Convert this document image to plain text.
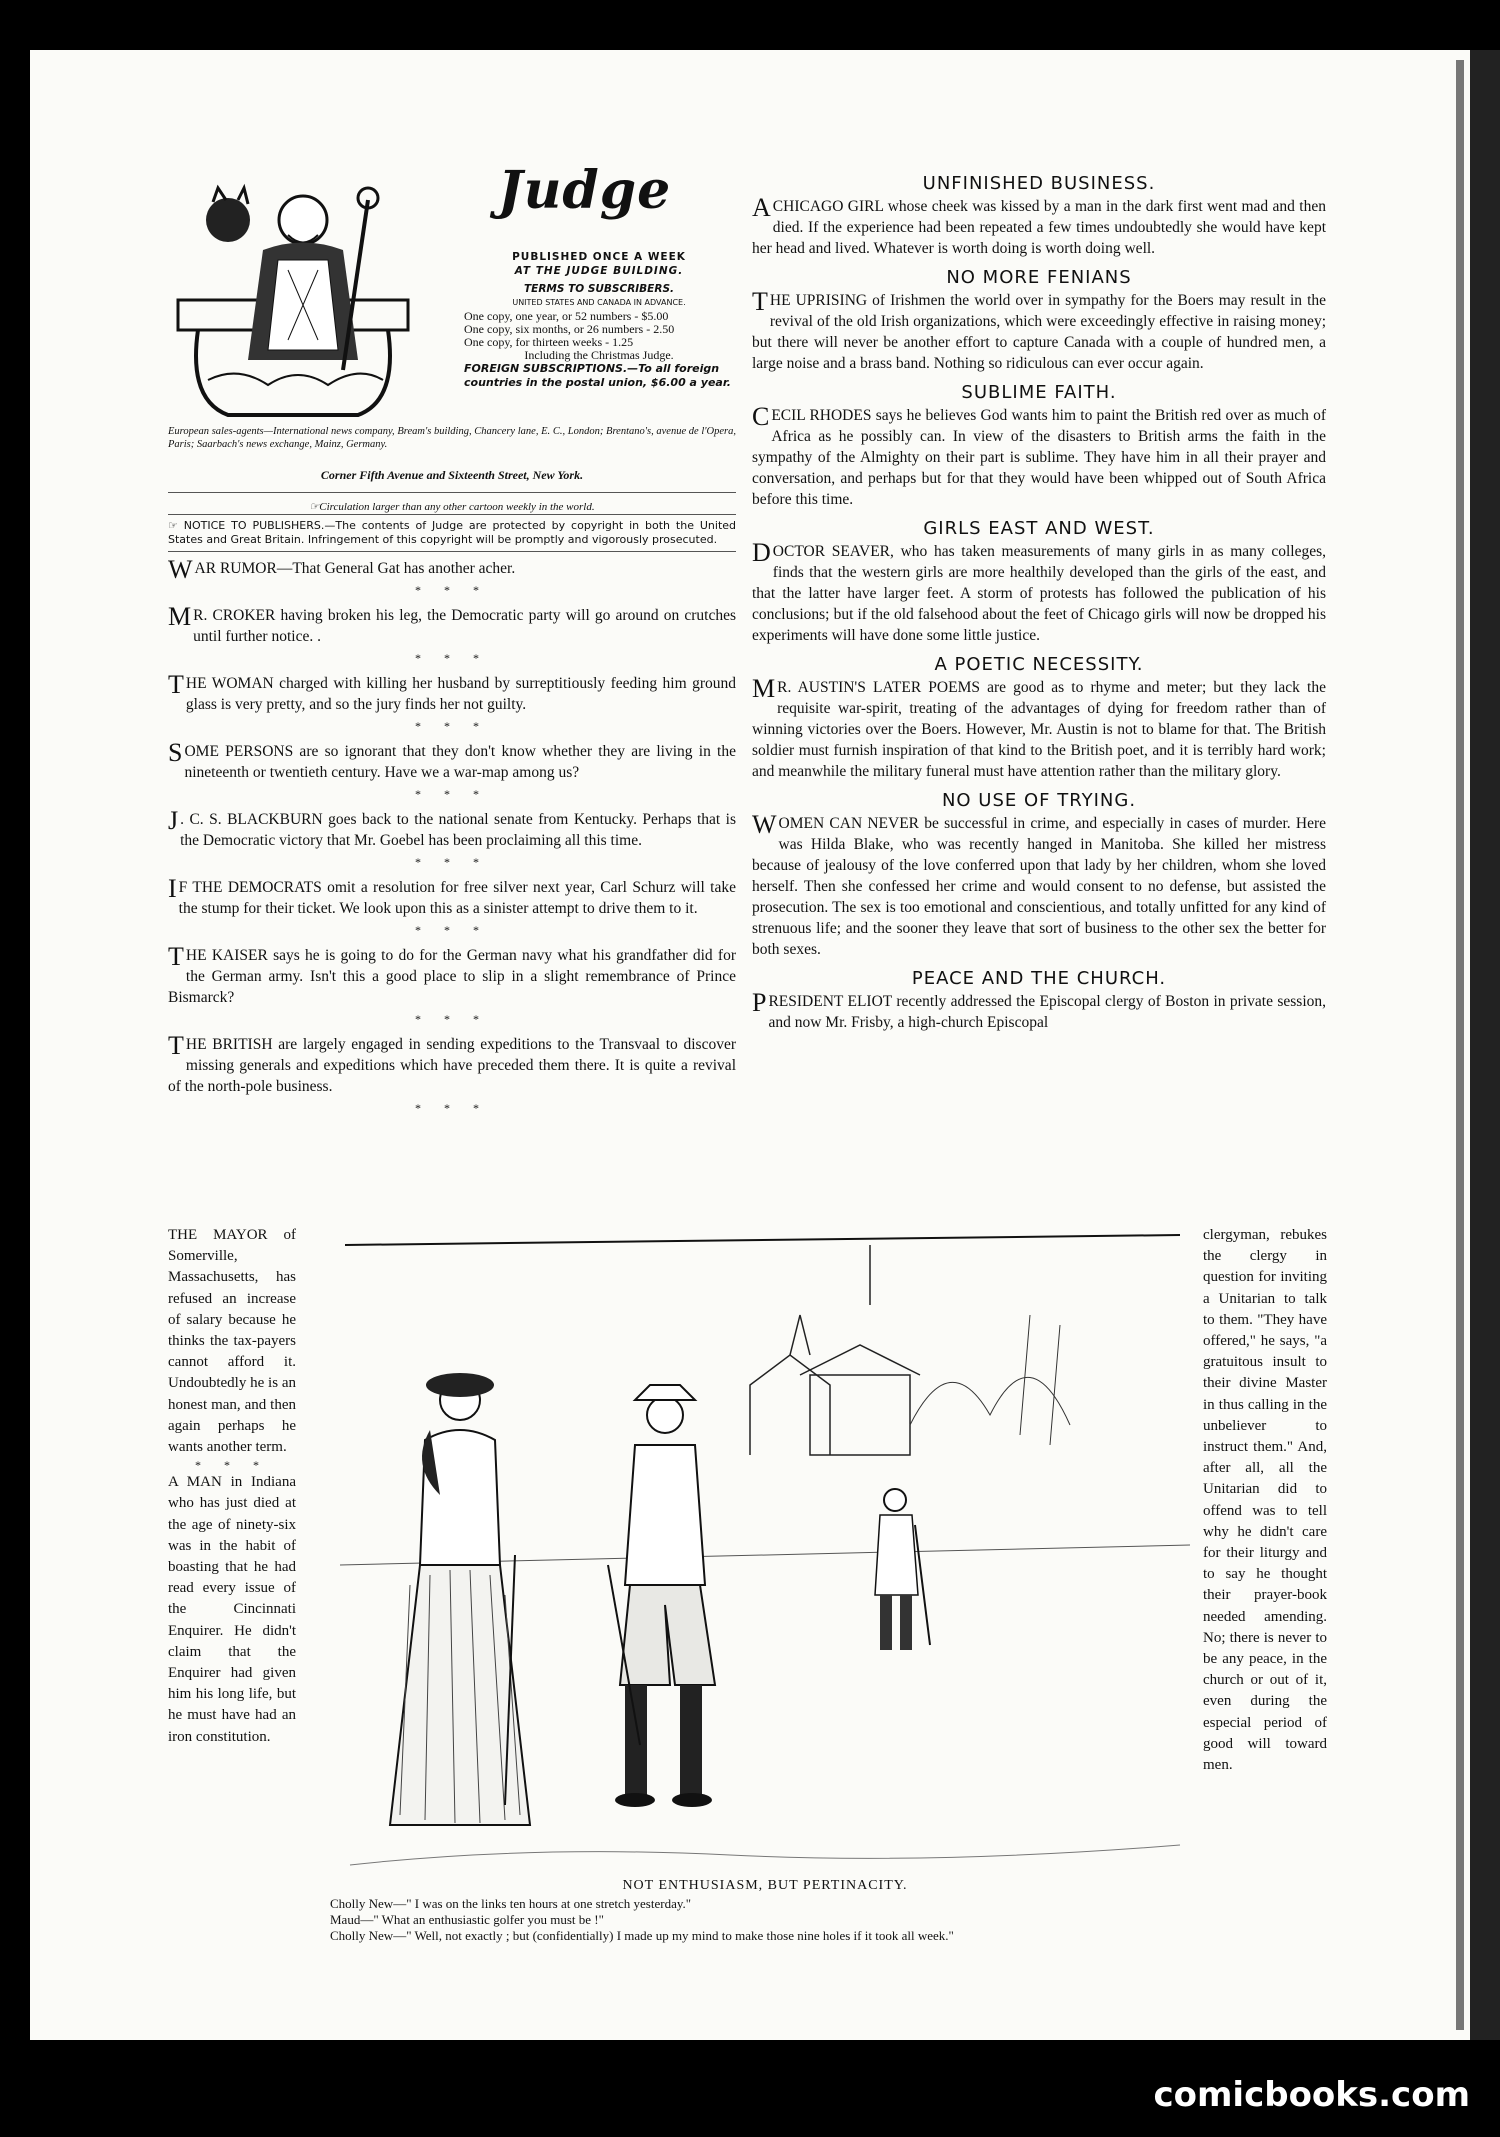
Judge
PUBLISHED ONCE A WEEK
AT THE JUDGE BUILDING.
TERMS TO SUBSCRIBERS.
UNITED STATES AND CANADA IN ADVANCE.
One copy, one year, or 52 numbers - $5.00
One copy, six months, or 26 numbers - 2.50
One copy, for thirteen weeks - 1.25
Including the Christmas Judge.
FOREIGN SUBSCRIPTIONS.—To all foreign countries in the postal union, $6.00 a year.
European sales-agents—International news company, Bream's building, Chancery lane, E. C., London; Brentano's, avenue de l'Opera, Paris; Saarbach's news exchange, Mainz, Germany.
Corner Fifth Avenue and Sixteenth Street, New York.
☞Circulation larger than any other cartoon weekly in the world.
☞ NOTICE TO PUBLISHERS.—The contents of Judge are protected by copyright in both the United States and Great Britain. Infringement of this copyright will be promptly and vigorously prosecuted.

WAR RUMOR—That General Gat has another acher.

* * *

M R. CROKER having broken his leg, the Democratic party will go around on crutches until further notice. .

* * *

THE WOMAN charged with killing her husband by surreptitiously feeding him ground glass is very pretty, and so the jury finds her not guilty.

* * *

SOME PERSONS are so ignorant that they don't know whether they are living in the nineteenth or twentieth century. Have we a war-map among us?

* * *

J . C. S. BLACKBURN goes back to the national senate from Kentucky. Perhaps that is the Democratic victory that Mr. Goebel has been proclaiming all this time.

* * *

I F THE DEMOCRATS omit a resolution for free silver next year, Carl Schurz will take the stump for their ticket. We look upon this as a sinister attempt to drive them to it.

* * *

THE KAISER says he is going to do for the German navy what his grandfather did for the German army. Isn't this a good place to slip in a slight remembrance of Prince Bismarck?

* * *

THE BRITISH are largely engaged in sending expeditions to the Transvaal to discover missing generals and expeditions which have preceded them there. It is quite a revival of the north-pole business.

* * *
UNFINISHED BUSINESS.

A CHICAGO GIRL whose cheek was kissed by a man in the dark first went mad and then died. If the experience had been repeated a few times undoubtedly she would have kept her head and lived. Whatever is worth doing is worth doing well.

NO MORE FENIANS

THE UPRISING of Irishmen the world over in sympathy for the Boers may result in the revival of the old Irish organizations, which were exceedingly effective in raising money; but there will never be another effort to capture Canada with a couple of hundred men, a large noise and a brass band. Nothing so ridiculous can ever occur again.

SUBLIME FAITH.

CECIL RHODES says he believes God wants him to paint the British red over as much of Africa as he possibly can. In view of the disasters to British arms the faith in the sympathy of the Almighty on their part is sublime. They have him in all their prayer and conversation, and perhaps but for that they would have been whipped out of South Africa before this time.

GIRLS EAST AND WEST.

DOCTOR SEAVER, who has taken measurements of many girls in as many colleges, finds that the western girls are more healthily developed than the girls of the east, and that the latter have larger feet. A storm of protests has followed the publication of his conclusions; but if the old falsehood about the feet of Chicago girls will now be dropped his experiments will have done some little justice.

A POETIC NECESSITY.

M R. AUSTIN'S LATER POEMS are good as to rhyme and meter; but they lack the requisite war-spirit, treating of the advantages of dying for freedom rather than of winning victories over the Boers. However, Mr. Austin is not to blame for that. The British soldier must furnish inspiration of that kind to the British poet, and it is terribly hard work; and meanwhile the military funeral must have attention rather than the military glory.

NO USE OF TRYING.

WOMEN CAN NEVER be successful in crime, and especially in cases of murder. Here was Hilda Blake, who was recently hanged in Manitoba. She killed her mistress because of jealousy of the love conferred upon that lady by her children, whom she loved herself. Then she confessed her crime and would consent to no defense, but assisted the prosecution. The sex is too emotional and conscientious, and totally unfitted for any kind of strenuous life; and the sooner they leave that sort of business to the other sex the better for both sexes.

PEACE AND THE CHURCH.

PRESIDENT ELIOT recently addressed the Episcopal clergy of Boston in private session, and now Mr. Frisby, a high-church Episcopal

THE MAYOR of Somerville, Massachusetts, has refused an increase of salary because he thinks the tax-payers cannot afford it. Undoubtedly he is an honest man, and then again perhaps he wants another term.

* * *

A MAN in Indiana who has just died at the age of ninety-six was in the habit of boasting that he had read every issue of the Cincinnati Enquirer. He didn't claim that the Enquirer had given him his long life, but he must have had an iron constitution.

NOT ENTHUSIASM, BUT PERTINACITY.
Cholly New—" I was on the links ten hours at one stretch yesterday."
Maud—" What an enthusiastic golfer you must be !"
Cholly New—" Well, not exactly ; but (confidentially) I made up my mind to make those nine holes if it took all week."

clergyman, rebukes the clergy in question for inviting a Unitarian to talk to them. "They have offered," he says, "a gratuitous insult to their divine Master in thus calling in the unbeliever to instruct them." And, after all, all the Unitarian did to offend was to tell why he didn't care for their liturgy and to say he thought their prayer-book needed amending. No; there is never to be any peace, in the church or out of it, even during the especial period of good will toward men.

comicbooks.com
